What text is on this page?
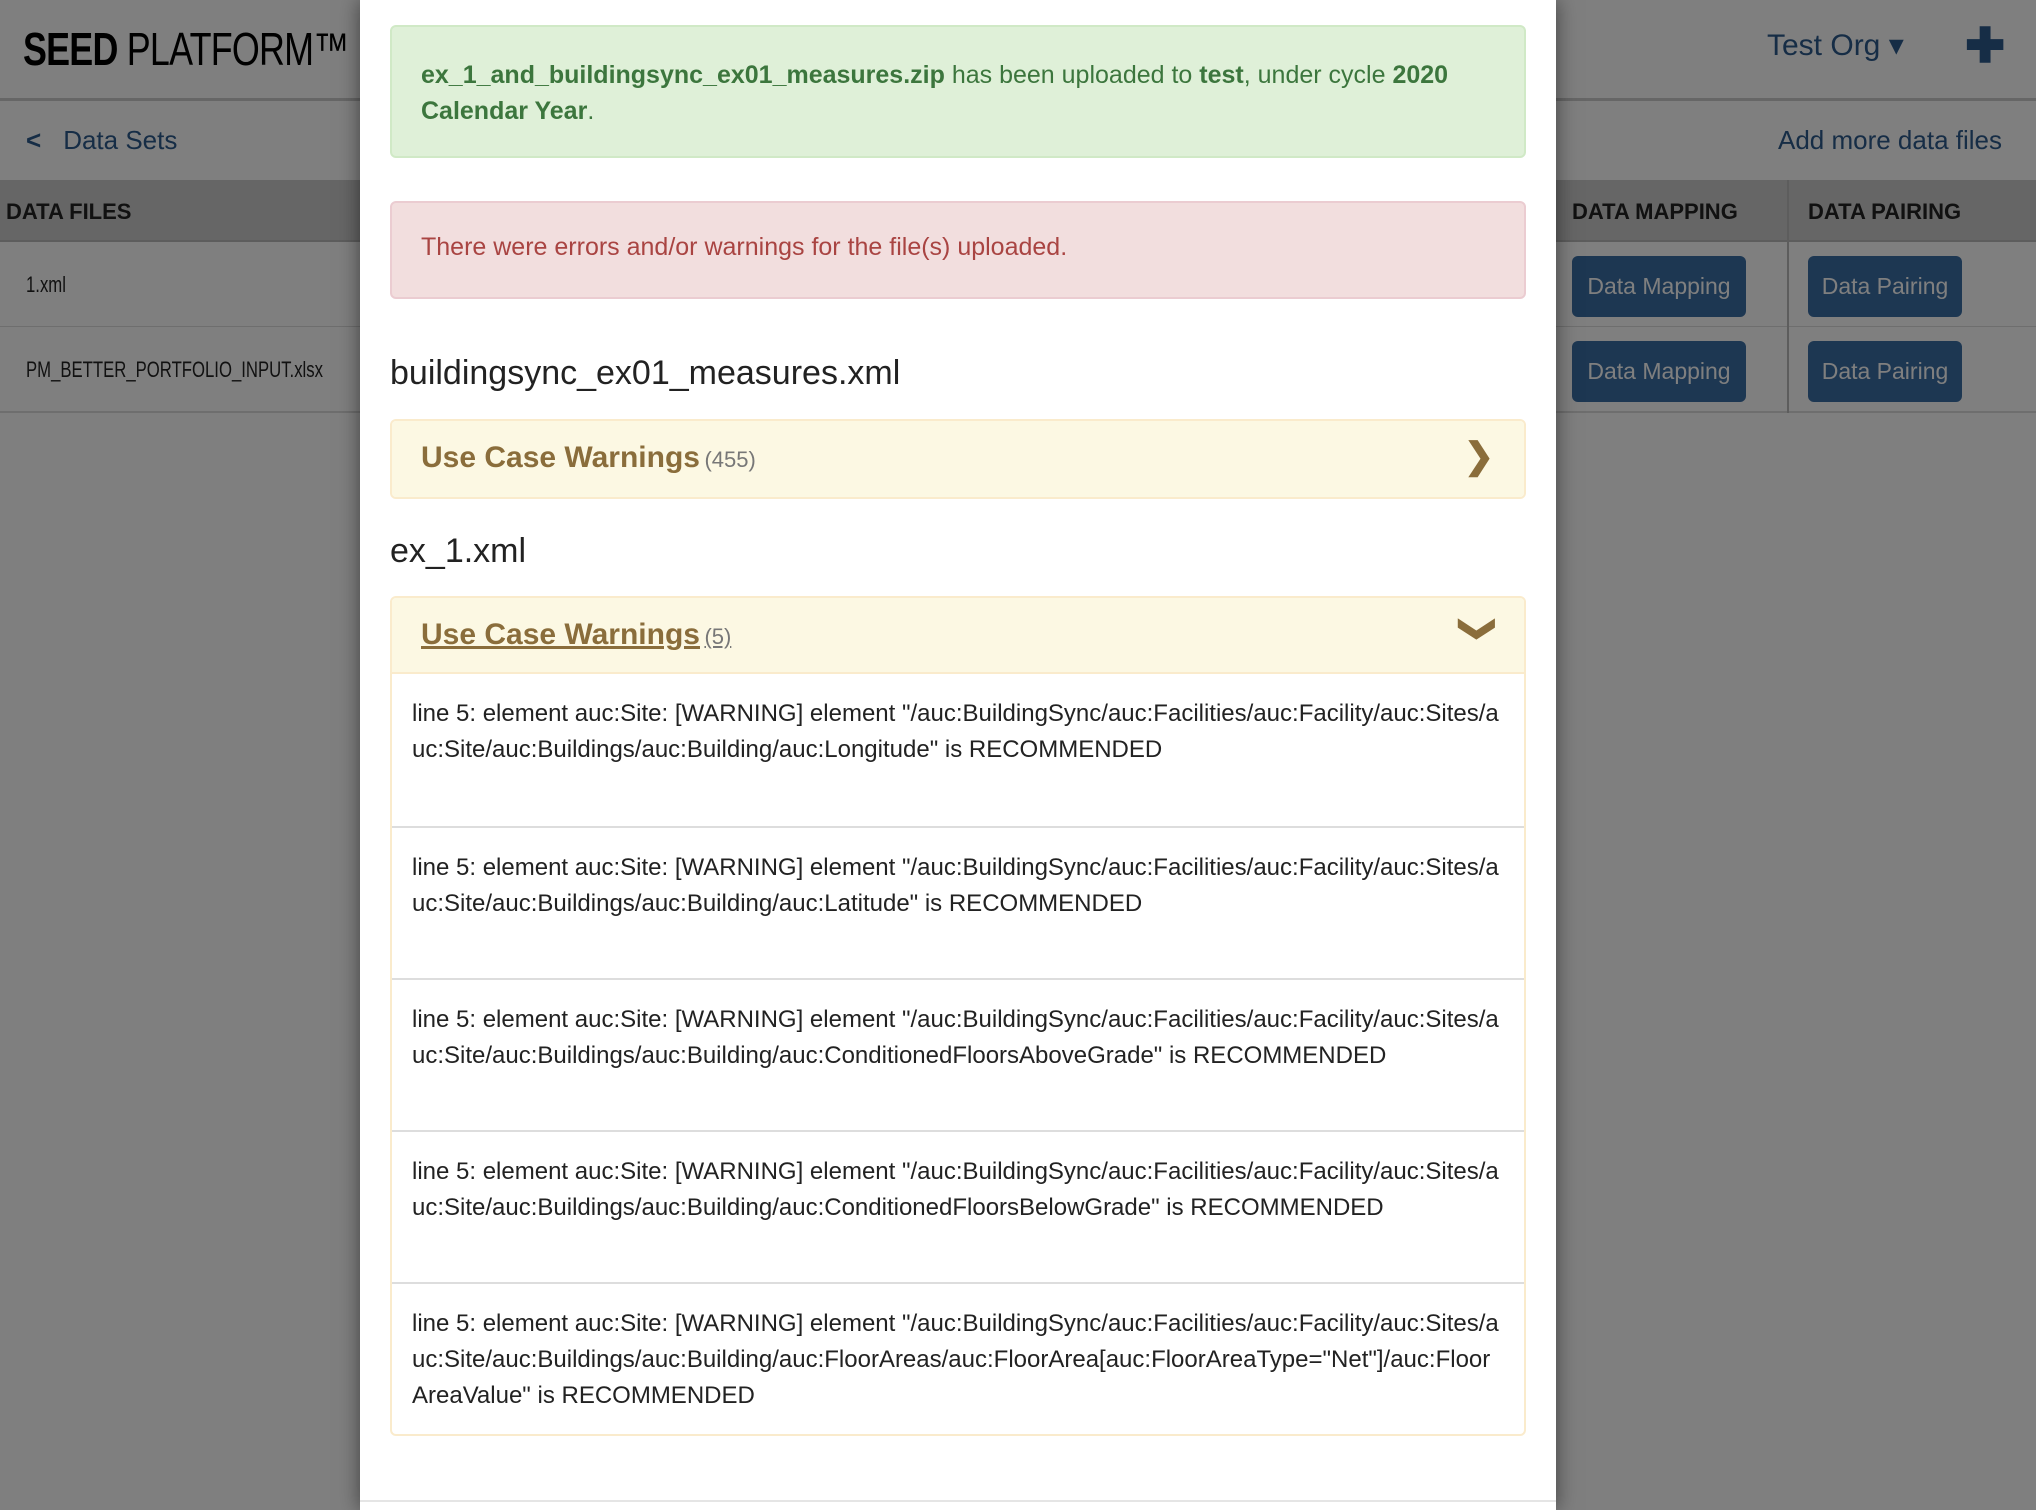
ex_1_and_buildingsync_ex01_measures.zip has been uploaded to test, under cycle 2020 Calendar Year.
There were errors and/or warnings for the file(s) uploaded.
buildingsync_ex01_measures.xml
Use Case Warnings (455)	❯
ex_1.xml
Use Case Warnings (5)	❯
line 5: element auc:Site: [WARNING] element "/auc:BuildingSync/auc:Facilities/auc:Facility/auc:Sites/auc:Site/auc:Buildings/auc:Building/auc:Longitude" is RECOMMENDED
line 5: element auc:Site: [WARNING] element "/auc:BuildingSync/auc:Facilities/auc:Facility/auc:Sites/auc:Site/auc:Buildings/auc:Building/auc:Latitude" is RECOMMENDED
line 5: element auc:Site: [WARNING] element "/auc:BuildingSync/auc:Facilities/auc:Facility/auc:Sites/auc:Site/auc:Buildings/auc:Building/auc:ConditionedFloorsAboveGrade" is RECOMMENDED
line 5: element auc:Site: [WARNING] element "/auc:BuildingSync/auc:Facilities/auc:Facility/auc:Sites/auc:Site/auc:Buildings/auc:Building/auc:ConditionedFloorsBelowGrade" is RECOMMENDED
line 5: element auc:Site: [WARNING] element "/auc:BuildingSync/auc:Facilities/auc:Facility/auc:Sites/auc:Site/auc:Buildings/auc:Building/auc:FloorAreas/auc:FloorArea[auc:FloorAreaType="Net"]/auc:FloorAreaValue" is RECOMMENDED
